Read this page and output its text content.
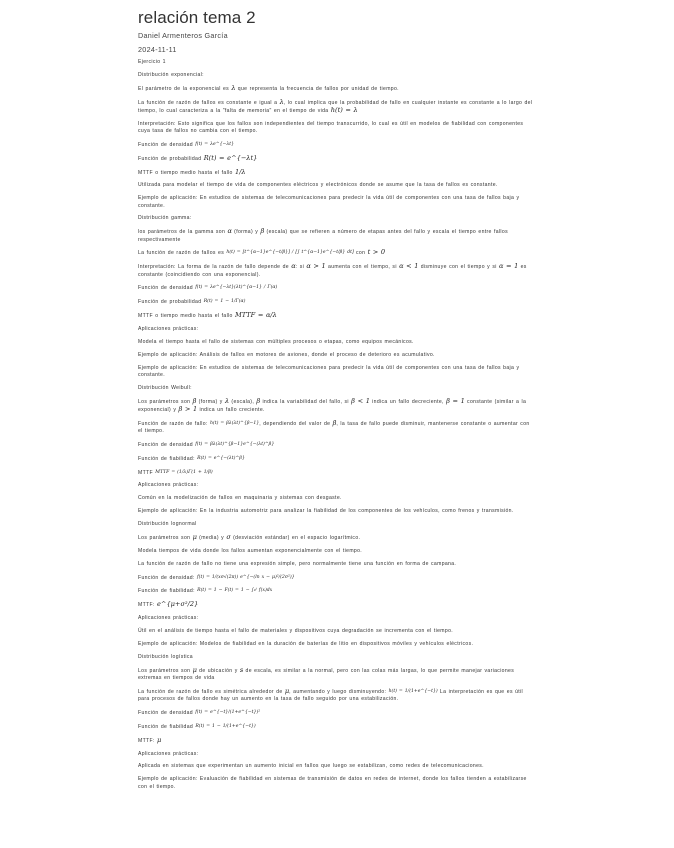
relación tema 2
Daniel Armenteros García
2024-11-11

Ejercicio 1

Distribución exponencial:

El parámetro de la exponencial es λ que representa la frecuencia de fallos por unidad de tiempo.

La función de razón de fallos es constante e igual a λ, lo cual implica que la probabilidad de fallo en cualquier instante es constante a lo largo del tiempo, lo cual caracteriza a la "falta de memoria" en el tiempo de vida h(t) = λ

Interpretación: Esto significa que los fallos son independientes del tiempo transcurrido, lo cual es útil en modelos de fiabilidad con componentes cuya tasa de fallos no cambia con el tiempo.

Función de densidad f(t) = λe^{−λt}

Función de probabilidad R(t) = e^{−λt}

MTTF o tiempo medio hasta el fallo 1/λ

Utilizada para modelar el tiempo de vida de componentes eléctricos y electrónicos donde se asume que la tasa de fallos es constante.

Ejemplo de aplicación: En estudios de sistemas de telecomunicaciones para predecir la vida útil de componentes con una tasa de fallos baja y constante.

Distribución gamma:

los parámetros de la gamma son α (forma) y β (escala) que se refieren a número de etapas antes del fallo y escala el tiempo entre fallos respectivamente

La función de razón de fallos es h(t) = [t^{α−1}e^{−t/β}] / [∫ t^{α−1}e^{−t/β} dt] con t > 0

Interpretación: La forma de la razón de fallo depende de α: si α > 1 aumenta con el tiempo, si α < 1 disminuye con el tiempo y si α = 1 es constante (coincidiendo con una exponencial).

Función de densidad f(t) = λe^{−λt}(λt)^{α−1} / Γ(α)

Función de probabilidad R(t) = 1 − 1/Γ(α)

MTTF o tiempo medio hasta el fallo MTTF = α/λ

Aplicaciones prácticas:

Modela el tiempo hasta el fallo de sistemas con múltiples procesos o etapas, como equipos mecánicos.

Ejemplo de aplicación: Análisis de fallos en motores de aviones, donde el proceso de deterioro es acumulativo.

Ejemplo de aplicación: En estudios de sistemas de telecomunicaciones para predecir la vida útil de componentes con una tasa de fallos baja y constante.

Distribución Weibull:

Los parámetros son β (forma) y λ (escala), β indica la variabilidad del fallo, si β < 1 indica un fallo decreciente, β = 1 constante (similar a la exponencial) y β > 1 indica un fallo creciente.

Función de razón de fallo: h(t) = βλ(λt)^{β−1}, dependiendo del valor de β, la tasa de fallo puede disminuir, mantenerse constante o aumentar con el tiempo.

Función de densidad f(t) = βλ(λt)^{β−1}e^{−(λt)^β}

Función de fiabilidad: R(t) = e^{−(λt)^β}

MTTF MTTF = (1/λ)Γ(1 + 1/β)

Aplicaciones prácticas:

Común en la modelización de fallos en maquinaria y sistemas con desgaste.

Ejemplo de aplicación: En la industria automotriz para analizar la fiabilidad de los componentes de los vehículos, como frenos y transmisión.

Distribución lognormal

Los parámetros son μ (media) y σ (desviación estándar) en el espacio logarítmico.

Modela tiempos de vida donde los fallos aumentan exponencialmente con el tiempo.

La función de razón de fallo no tiene una expresión simple, pero normalmente tiene una función en forma de campana.

Función de densidad: f(t) = 1/(xσ√(2π)) e^{−(ln x − μ)²/(2σ²)}

Función de fiabilidad: R(t) = 1 − F(t) = 1 − ∫₀ᵗ f(x)dx

MTTF: e^{μ+σ²/2}

Aplicaciones prácticas:

Útil en el análisis de tiempo hasta el fallo de materiales y dispositivos cuya degradación se incrementa con el tiempo.

Ejemplo de aplicación: Modelos de fiabilidad en la duración de baterías de litio en dispositivos móviles y vehículos eléctricos.

Distribución logística

Los parámetros son μ de ubicación y s de escala, es similar a la normal, pero con las colas más largas, lo que permite manejar variaciones extremas en tiempos de vida

La función de razón de fallo es simétrica alrededor de μ, aumentando y luego disminuyendo: h(t) = 1/(1+e^{−t}) La interpretación es que es útil para procesos de fallos donde hay un aumento en la tasa de fallo seguido por una estabilización.

Función de densidad f(t) = e^{−t}/(1+e^{−t})²

Función de fiabilidad R(t) = 1 − 1/(1+e^{−t})

MTTF: μ

Aplicaciones prácticas:

Aplicada en sistemas que experimentan un aumento inicial en fallos que luego se estabilizan, como redes de telecomunicaciones.

Ejemplo de aplicación: Evaluación de fiabilidad en sistemas de transmisión de datos en redes de internet, donde los fallos tienden a estabilizarse con el tiempo.
